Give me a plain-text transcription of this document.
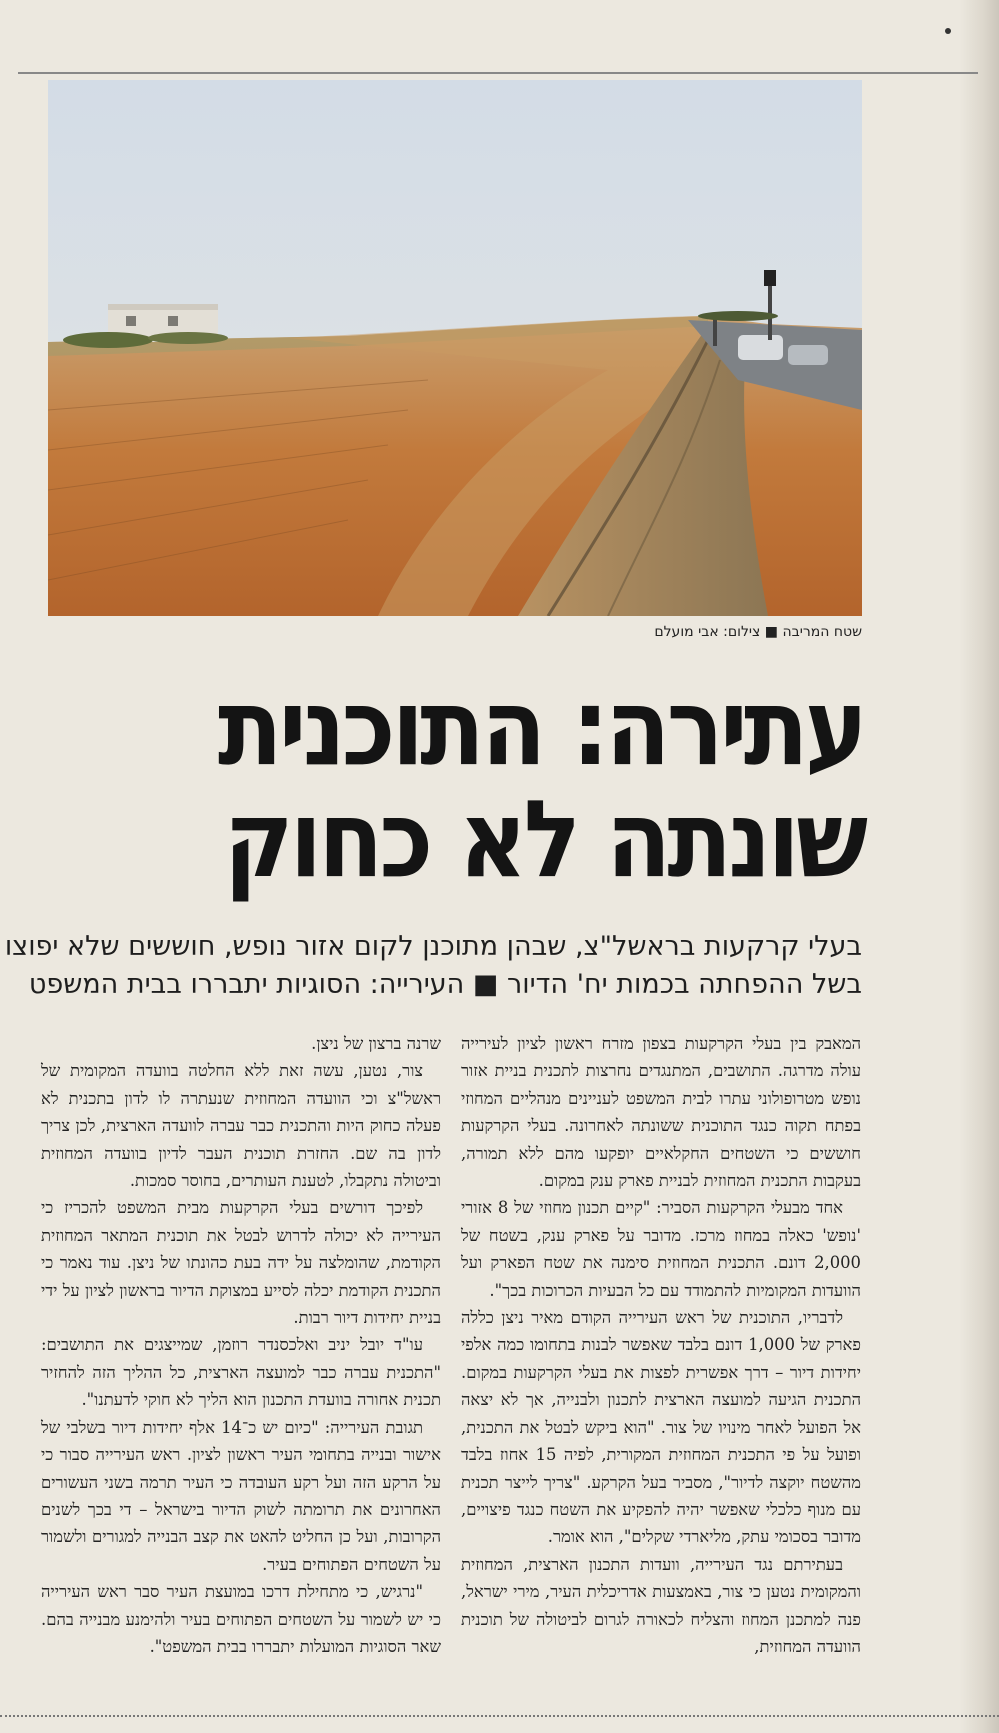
שטח המריבה ■ צילום: אבי מועלם
עתירה: התוכנית
שונתה לא כחוק
בעלי קרקעות בראשל"צ, שבהן מתוכנן לקום אזור נופש, חוששים שלא יפוצו
בשל ההפחתה בכמות יח' הדיור ■ העירייה: הסוגיות יתבררו בבית המשפט

המאבק בין בעלי הקרקעות בצפון מזרח ראשון לציון לעירייה עולה מדרגה. התושבים, המתנגדים נחרצות לתכנית בניית אזור נופש מטרופולוני עתרו לבית המשפט לעניינים מנהליים המחוזי בפתח תקוה כנגד התוכנית ששונתה לאחרונה. בעלי הקרקעות חוששים כי השטחים החקלאיים יופקעו מהם ללא תמורה, בעקבות התכנית המחוזית לבניית פארק ענק במקום.

אחד מבעלי הקרקעות הסביר: "קיים תכנון מחוזי של 8 אזורי 'נופש' כאלה במחוז מרכז. מדובר על פארק ענק, בשטח של 2,000 דונם. התכנית המחוזית סימנה את שטח הפארק ועל הוועדות המקומיות להתמודד עם כל הבעיות הכרוכות בכך".

לדבריו, התוכנית של ראש העירייה הקודם מאיר ניצן כללה פארק של 1,000 דונם בלבד שאפשר לבנות בתחומו כמה אלפי יחידות דיור – דרך אפשרית לפצות את בעלי הקרקעות במקום. התכנית הגיעה למועצה הארצית לתכנון ולבנייה, אך לא יצאה אל הפועל לאחר מינויו של צור. "הוא ביקש לבטל את התכנית, ופועל על פי התכנית המחוזית המקורית, לפיה 15 אחוז בלבד מהשטח יוקצה לדיור", מסביר בעל הקרקע. "צריך לייצר תכנית עם מנוף כלכלי שאפשר יהיה להפקיע את השטח כנגד פיצויים, מדובר בסכומי עתק, מליארדי שקלים", הוא אומר.

בעתירתם נגד העירייה, וועדות התכנון הארצית, המחוזית והמקומית נטען כי צור, באמצעות אדריכלית העיר, מירי ישראל, פנה למתכנן המחוז והצליח לכאורה לגרום לביטולה של תוכנית הוועדה המחוזית,

שרנה ברצון של ניצן.

צור, נטען, עשה זאת ללא החלטה בוועדה המקומית של ראשל"צ וכי הוועדה המחוזית שנעתרה לו לדון בתכנית לא פעלה כחוק היות והתכנית כבר עברה לוועדה הארצית, לכן צריך לדון בה שם. החזרת תוכנית העבר לדיון בוועדה המחוזית וביטולה נתקבלו, לטענת העותרים, בחוסר סמכות.

לפיכך דורשים בעלי הקרקעות מבית המשפט להכריז כי העירייה לא יכולה לדרוש לבטל את תוכנית המתאר המחוזית הקודמת, שהומלצה על ידה בעת כהונתו של ניצן. עוד נאמר כי התכנית הקודמת יכלה לסייע במצוקת הדיור בראשון לציון על ידי בניית יחידות דיור רבות.

עו"ד יובל יניב ואלכסנדר רוזמן, שמייצגים את התושבים: "התכנית עברה כבר למועצה הארצית, כל ההליך הזה להחזיר תכנית אחורה בוועדת התכנון הוא הליך לא חוקי לדעתנו".

תגובת העירייה: "כיום יש כ־14 אלף יחידות דיור בשלבי של אישור ובנייה בתחומי העיר ראשון לציון. ראש העירייה סבור כי על הרקע הזה ועל רקע העובדה כי העיר תרמה בשני העשורים האחרונים את תרומתה לשוק הדיור בישראל – די בכך לשנים הקרובות, ועל כן החליט להאט את קצב הבנייה למגורים ולשמור על השטחים הפתוחים בעיר.

"נרגיש, כי מתחילת דרכו במועצת העיר סבר ראש העירייה כי יש לשמור על השטחים הפתוחים בעיר ולהימנע מבנייה בהם. שאר הסוגיות המועלות יתבררו בבית המשפט".
